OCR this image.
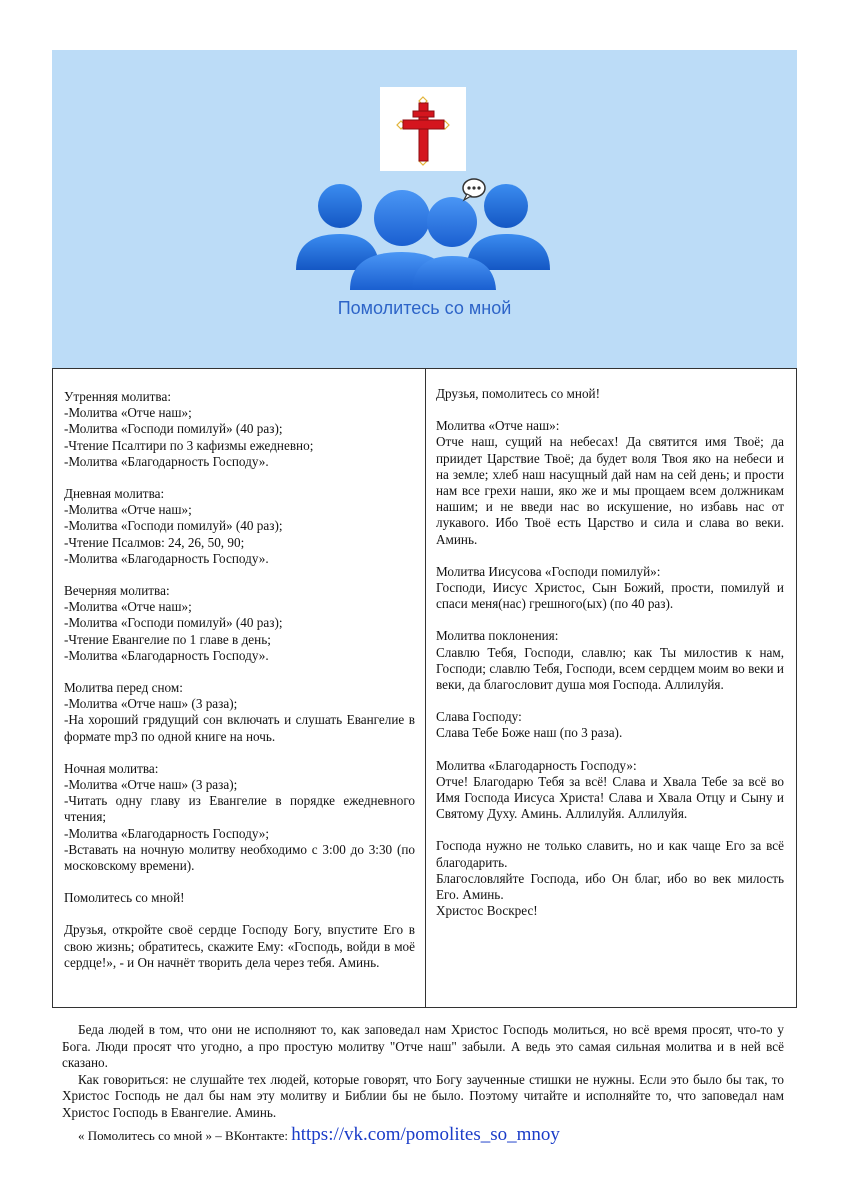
Помолитесь со мной

Утренняя молитва:
-Молитва «Отче наш»;
-Молитва «Господи помилуй» (40 раз);
-Чтение Псалтири по 3 кафизмы ежедневно;
-Молитва «Благодарность Господу».

Дневная молитва:
-Молитва «Отче наш»;
-Молитва «Господи помилуй» (40 раз);
-Чтение Псалмов: 24, 26, 50, 90;
-Молитва «Благодарность Господу».

Вечерняя молитва:
-Молитва «Отче наш»;
-Молитва «Господи помилуй» (40 раз);
-Чтение Евангелие по 1 главе в день;
-Молитва «Благодарность Господу».

Молитва перед сном:
-Молитва «Отче наш» (3 раза);
-На хороший грядущий сон включать и слушать Евангелие в формате mp3 по одной книге на ночь.

Ночная молитва:
-Молитва «Отче наш» (3 раза);
-Читать одну главу из Евангелие в порядке ежедневного чтения;
-Молитва «Благодарность Господу»;
-Вставать на ночную молитву необходимо с 3:00 до 3:30 (по московскому времени).

Помолитесь со мной!

Друзья, откройте своё сердце Господу Богу, впустите Его в свою жизнь; обратитесь, скажите Ему: «Господь, войди в моё сердце!», - и Он начнёт творить дела через тебя. Аминь.

Друзья, помолитесь со мной!

Молитва «Отче наш»:
Отче наш, сущий на небесах! Да святится имя Твоё; да приидет Царствие Твоё; да будет воля Твоя яко на небеси и на земле; хлеб наш насущный дай нам на сей день; и прости нам все грехи наши, яко же и мы прощаем всем должникам нашим; и не введи нас во искушение, но избавь нас от лукавого. Ибо Твоё есть Царство и сила и слава во веки. Аминь.

Молитва Иисусова «Господи помилуй»:
Господи, Иисус Христос, Сын Божий, прости, помилуй и спаси меня(нас) грешного(ых) (по 40 раз).

Молитва поклонения:
Славлю Тебя, Господи, славлю; как Ты милостив к нам, Господи; славлю Тебя, Господи, всем сердцем моим во веки и веки, да благословит душа моя Господа. Аллилуйя.

Слава Господу:
Слава Тебе Боже наш (по 3 раза).

Молитва «Благодарность Господу»:
Отче! Благодарю Тебя за всё! Слава и Хвала Тебе за всё во Имя Господа Иисуса Христа! Слава и Хвала Отцу и Сыну и Святому Духу. Аминь. Аллилуйя. Аллилуйя.

Господа нужно не только славить, но и как чаще Его за всё благодарить.
Благословляйте Господа, ибо Он благ, ибо во век милость Его. Аминь.
Христос Воскрес!

Беда людей в том, что они не исполняют то, как заповедал нам Христос Господь молиться, но всё время просят, что-то у Бога. Люди просят что угодно, а про простую молитву "Отче наш" забыли. А ведь это самая сильная молитва и в ней всё сказано.

Как говориться: не слушайте тех людей, которые говорят, что Богу заученные стишки не нужны. Если это было бы так, то Христос Господь не дал бы нам эту молитву и Библии бы не было. Поэтому читайте и исполняйте то, что заповедал нам Христос Господь в Евангелие. Аминь.

« Помолитесь со мной » – ВКонтакте: https://vk.com/pomolites_so_mnoy
